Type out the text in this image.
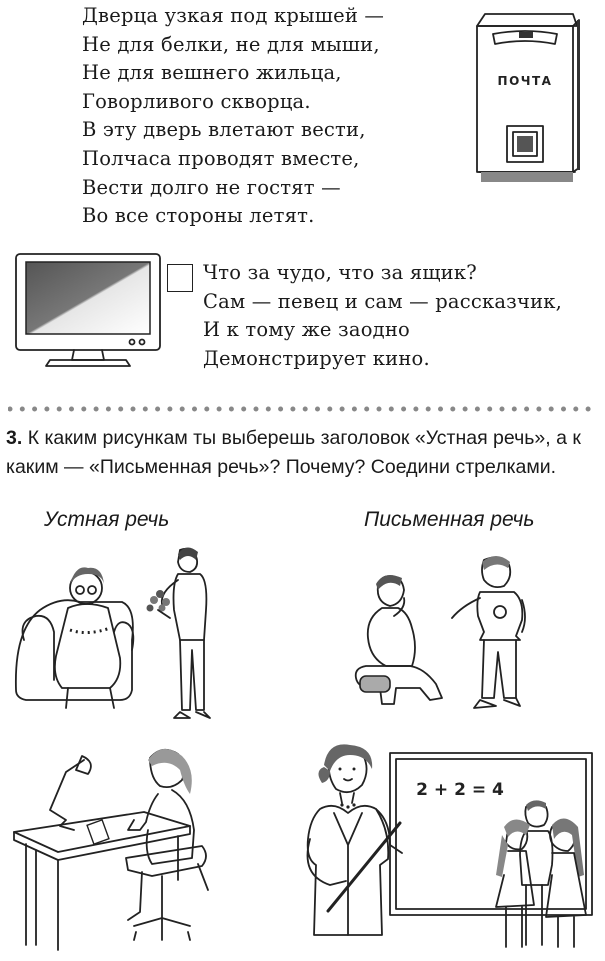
Дверца узкая под крышей —
Не для белки, не для мыши,
Не для вешнего жильца,
Говорливого скворца.
В эту дверь влетают вести,
Полчаса проводят вместе,
Вести долго не гостят —
Во все стороны летят.
ПОЧТА
Что за чудо, что за ящик?
Сам — певец и сам — рассказчик,
И к тому же заодно
Демонстрирует кино.
3. К каким рисункам ты выберешь заголовок «Устная речь», а к каким — «Письменная речь»? Почему? Соедини стрелками.
Устная речь	Письменная речь
2 + 2 = 4
